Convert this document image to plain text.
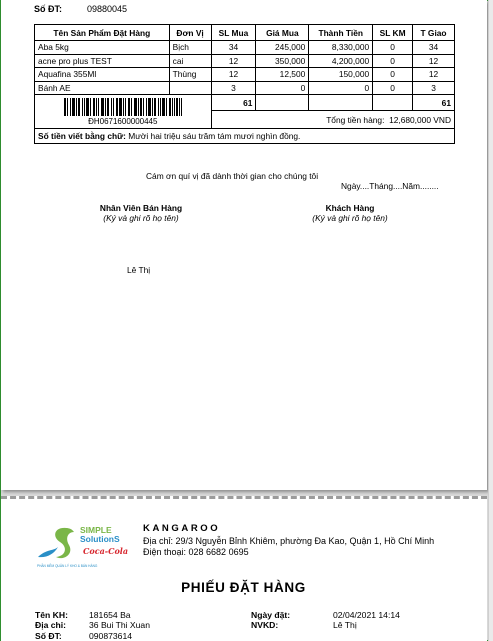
Số ĐT:	09880045
Tên Sản Phẩm Đặt Hàng	Đơn Vị	SL Mua	Giá Mua	Thành Tiền	SL KM	T Giao
Aba 5kg	Bịch	34	245,000	8,330,000	0	34
acne pro plus TEST	cai	12	350,000	4,200,000	0	12
Aquafina 355Ml	Thùng	12	12,500	150,000	0	12
Bánh AE		3	0	0	0	3

ĐH0671600000445		61				61
		Tổng tiền hàng: 12,680,000 VND				
Số tiền viết bằng chữ: Mười hai triệu sáu trăm tám mươi nghìn đồng.						
Cám ơn quí vị đã dành thời gian cho chúng tôi
Ngày....Tháng....Năm........
Nhân Viên Bán Hàng
(Ký và ghi rõ họ tên)
Khách Hàng
(Ký và ghi rõ họ tên)
Lê Thị
SIMPLE
SolutionS
Coca-Cola
PHẦN MỀM QUẢN LÝ KHO & BÁN HÀNG
KANGAROO
Địa chỉ: 29/3 Nguyễn Bỉnh Khiêm, phường Đa Kao, Quận 1, Hồ Chí Minh
Điện thoại: 028 6682 0695
PHIẾU ĐẶT HÀNG
Tên KH: 181654 Ba
Địa chỉ:	36 Bui Thi Xuan
Số ĐT:	090873614
Ngày đặt:	02/04/2021 14:14
NVKD:	Lê Thị
